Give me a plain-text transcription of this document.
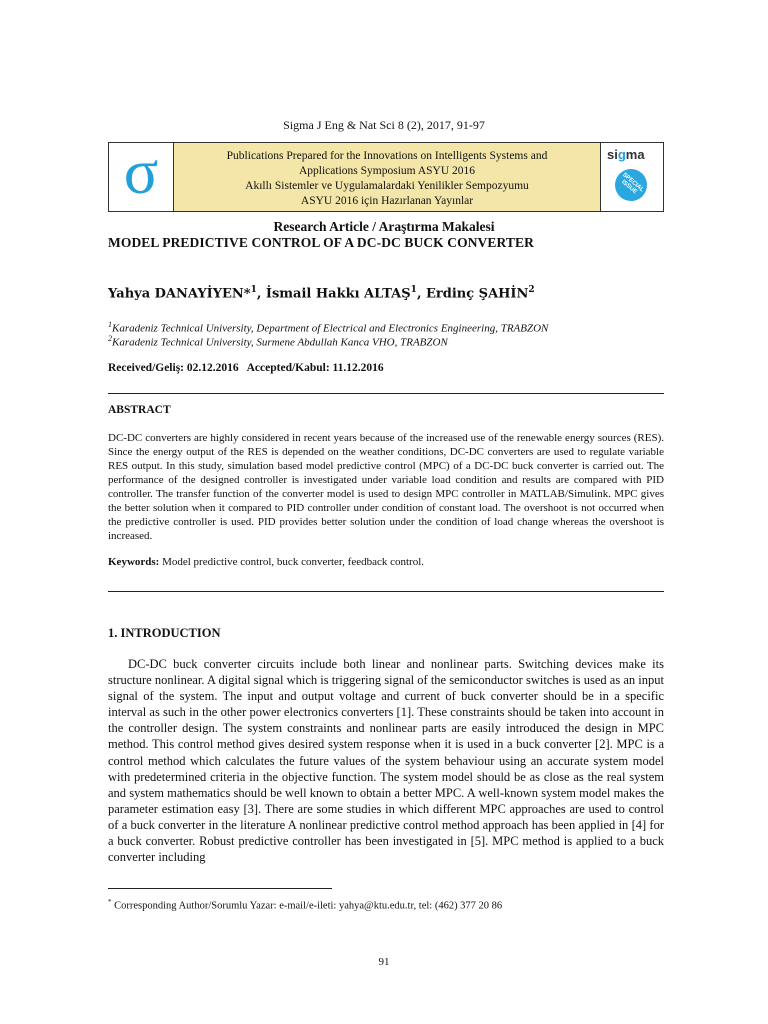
Sigma J Eng & Nat Sci 8 (2), 2017, 91-97
σ	Publications Prepared for the Innovations on Intelligents Systems and
Applications Symposium ASYU 2016
Akıllı Sistemler ve Uygulamalardaki Yenilikler Sempozyumu
ASYU 2016 için Hazırlanan Yayınlar
sigma
SPECIAL ISSUE
Research Article / Araştırma Makalesi
MODEL PREDICTIVE CONTROL OF A DC-DC BUCK CONVERTER
Yahya DANAYİYEN*$^1$, İsmail Hakkı ALTAŞ$^1$, Erdinç ŞAHİN$^2$
$^1$Karadeniz Technical University, Department of Electrical and Electronics Engineering, TRABZON
$^2$Karadeniz Technical University, Surmene Abdullah Kanca VHO, TRABZON
Received/Geliş: 02.12.2016   Accepted/Kabul: 11.12.2016
ABSTRACT

DC-DC converters are highly considered in recent years because of the increased use of the renewable energy sources (RES). Since the energy output of the RES is depended on the weather conditions, DC-DC converters are used to regulate variable RES output. In this study, simulation based model predictive control (MPC) of a DC-DC buck converter is carried out. The performance of the designed controller is investigated under variable load condition and results are compared with PID controller. The transfer function of the converter model is used to design MPC controller in MATLAB/Simulink. MPC gives the better solution when it compared to PID controller under condition of constant load. The overshoot is not occurred when the predictive controller is used. PID provides better solution under the condition of load change whereas the overshoot is increased.

Keywords: Model predictive control, buck converter, feedback control.
1. INTRODUCTION

DC-DC buck converter circuits include both linear and nonlinear parts. Switching devices make its structure nonlinear. A digital signal which is triggering signal of the semiconductor switches is used as an input signal of the system. The input and output voltage and current of buck converter should be in a specific interval as such in the other power electronics converters [1]. These constraints should be taken into account in the controller design. The system constraints and nonlinear parts are easily introduced the design in MPC method. This control method gives desired system response when it is used in a buck converter [2]. MPC is a control method which calculates the future values of the system behaviour using an accurate system model with predetermined criteria in the objective function. The system model should be as close as the real system and system mathematics should be well known to obtain a better MPC. A well-known system model makes the parameter estimation easy [3]. There are some studies in which different MPC approaches are used to control of a buck converter in the literature A nonlinear predictive control method approach has been applied in [4] for a buck converter. Robust predictive controller has been investigated in [5]. MPC method is applied to a buck converter including

* Corresponding Author/Sorumlu Yazar: e-mail/e-ileti: yahya@ktu.edu.tr, tel: (462) 377 20 86
91
